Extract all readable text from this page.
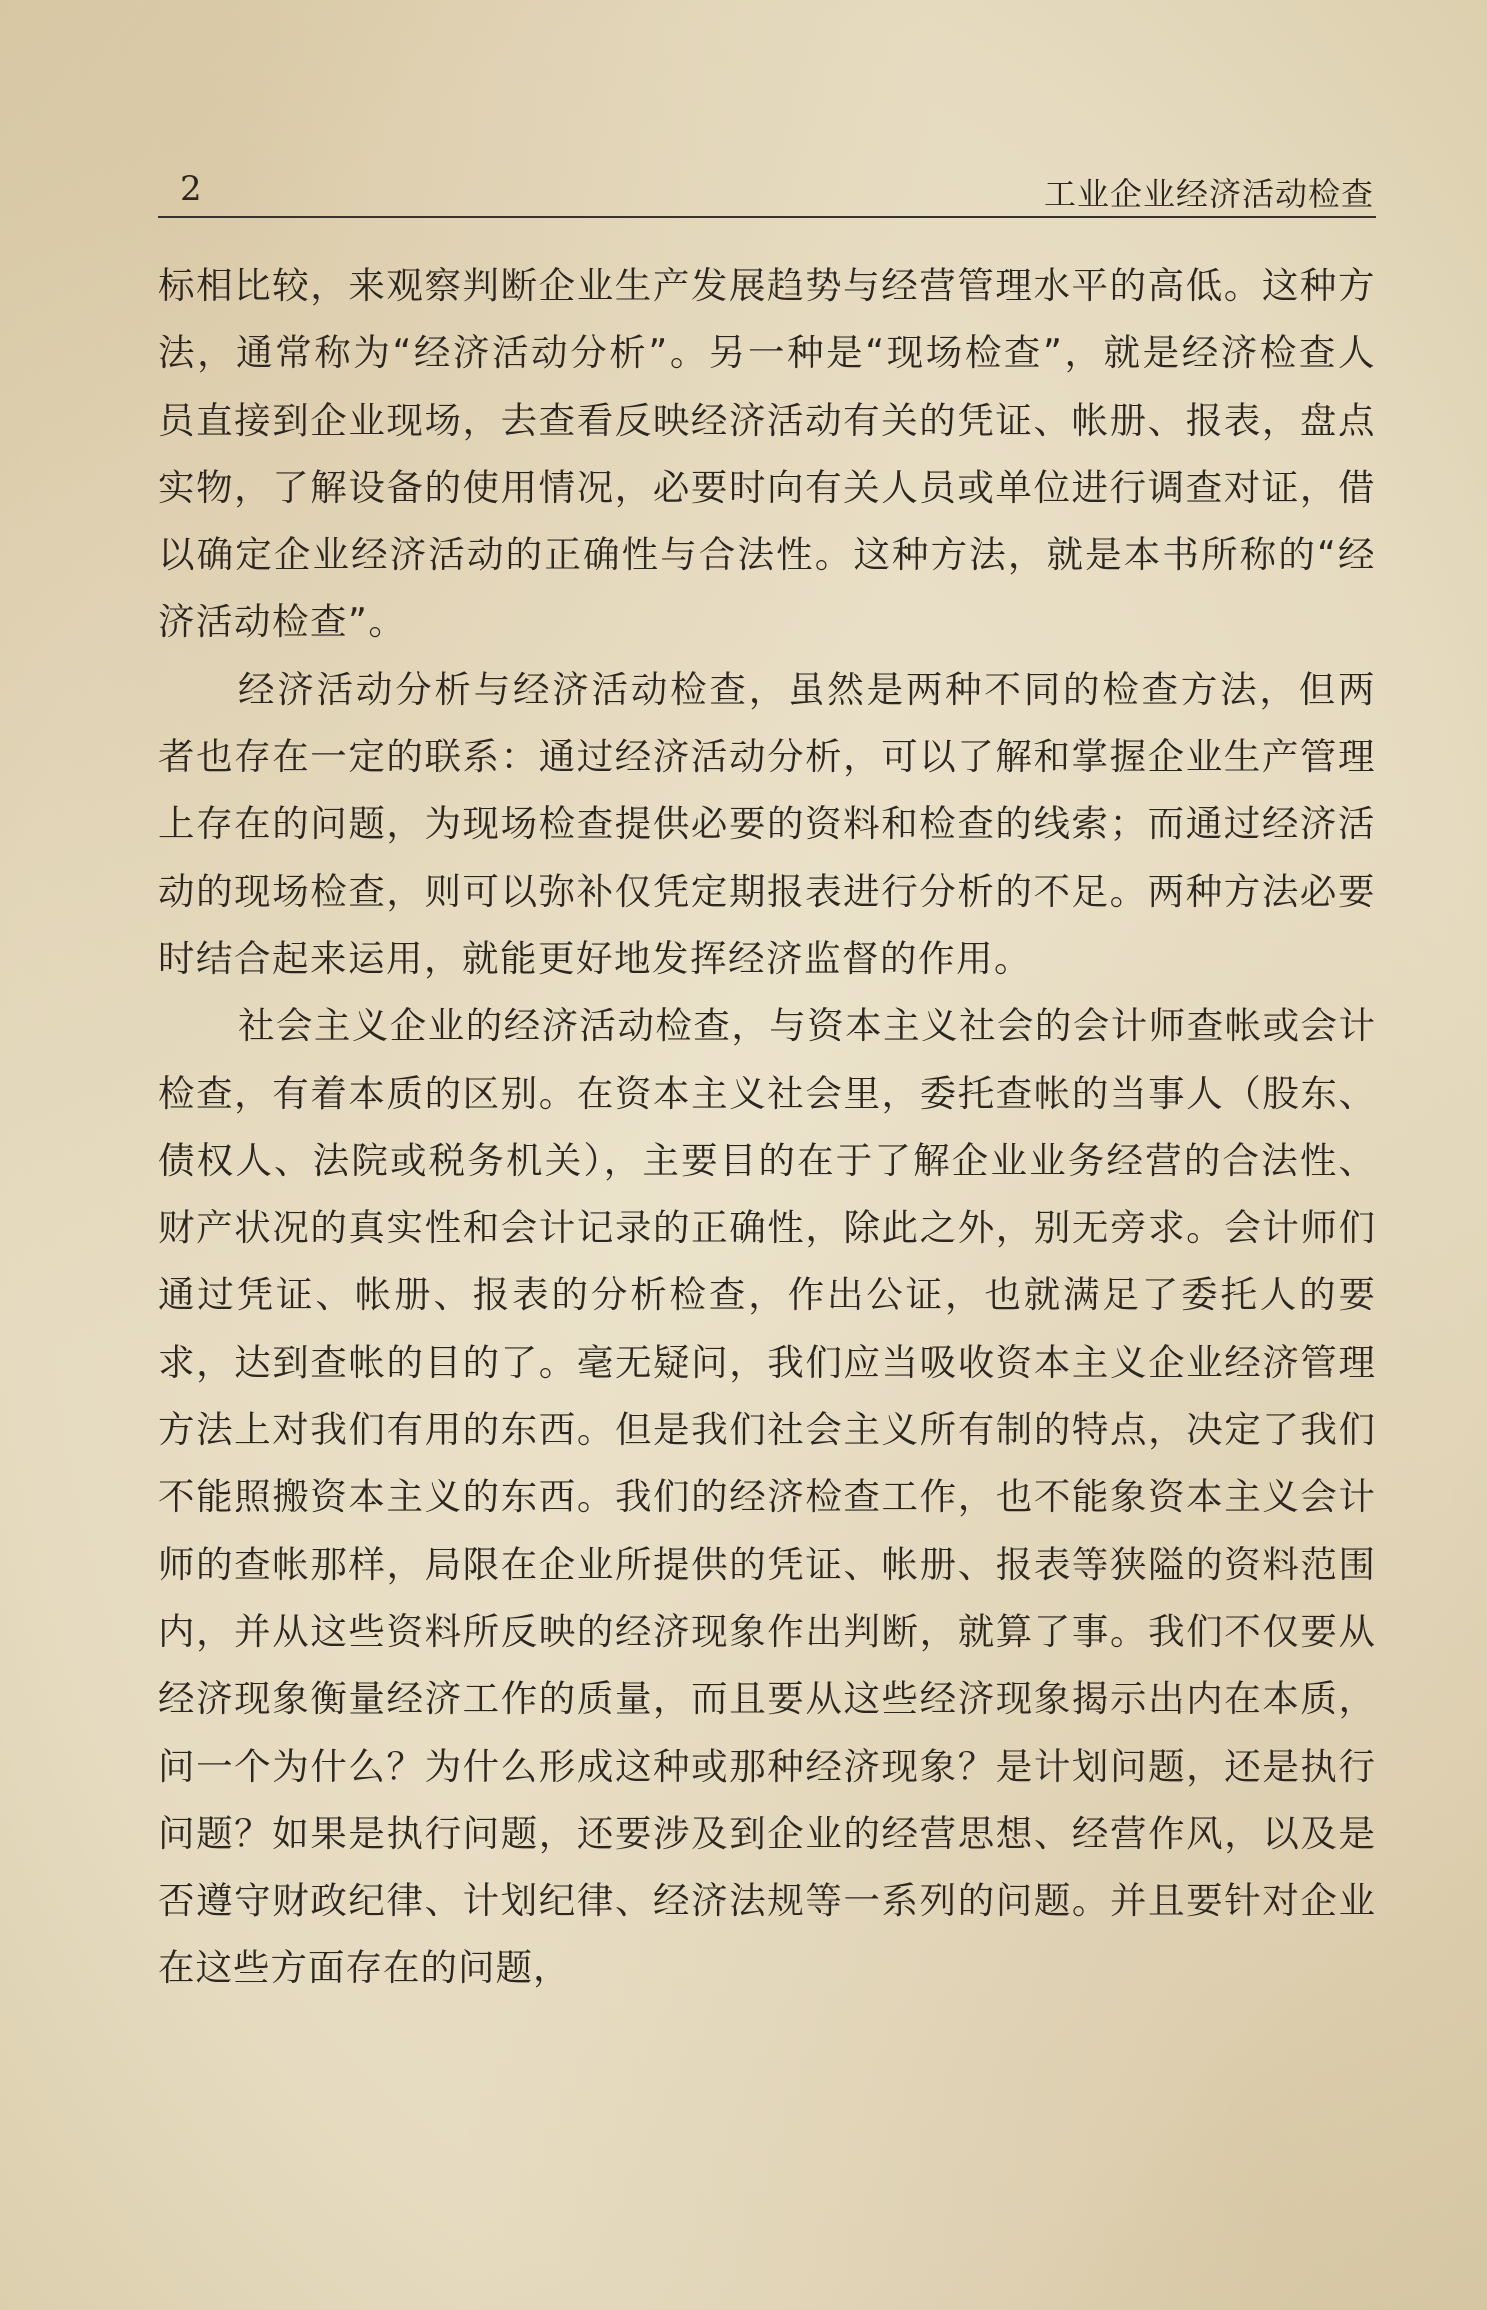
2	工业企业经济活动检查

标相比较，来观察判断企业生产发展趋势与经营管理水平的高低。这种方法，通常称为“经济活动分析”。另一种是“现场检查”，就是经济检查人员直接到企业现场，去查看反映经济活动有关的凭证、帐册、报表，盘点实物，了解设备的使用情况，必要时向有关人员或单位进行调查对证，借以确定企业经济活动的正确性与合法性。这种方法，就是本书所称的“经济活动检查”。

经济活动分析与经济活动检查，虽然是两种不同的检查方法，但两者也存在一定的联系：通过经济活动分析，可以了解和掌握企业生产管理上存在的问题，为现场检查提供必要的资料和检查的线索；而通过经济活动的现场检查，则可以弥补仅凭定期报表进行分析的不足。两种方法必要时结合起来运用，就能更好地发挥经济监督的作用。

社会主义企业的经济活动检查，与资本主义社会的会计师查帐或会计检查，有着本质的区别。在资本主义社会里，委托查帐的当事人（股东、债权人、法院或税务机关），主要目的在于了解企业业务经营的合法性、财产状况的真实性和会计记录的正确性，除此之外，别无旁求。会计师们通过凭证、帐册、报表的分析检查，作出公证，也就满足了委托人的要求，达到查帐的目的了。毫无疑问，我们应当吸收资本主义企业经济管理方法上对我们有用的东西。但是我们社会主义所有制的特点，决定了我们不能照搬资本主义的东西。我们的经济检查工作，也不能象资本主义会计师的查帐那样，局限在企业所提供的凭证、帐册、报表等狭隘的资料范围内，并从这些资料所反映的经济现象作出判断，就算了事。我们不仅要从经济现象衡量经济工作的质量，而且要从这些经济现象揭示出内在本质，问一个为什么？为什么形成这种或那种经济现象？是计划问题，还是执行问题？如果是执行问题，还要涉及到企业的经营思想、经营作风，以及是否遵守财政纪律、计划纪律、经济法规等一系列的问题。并且要针对企业在这些方面存在的问题，
